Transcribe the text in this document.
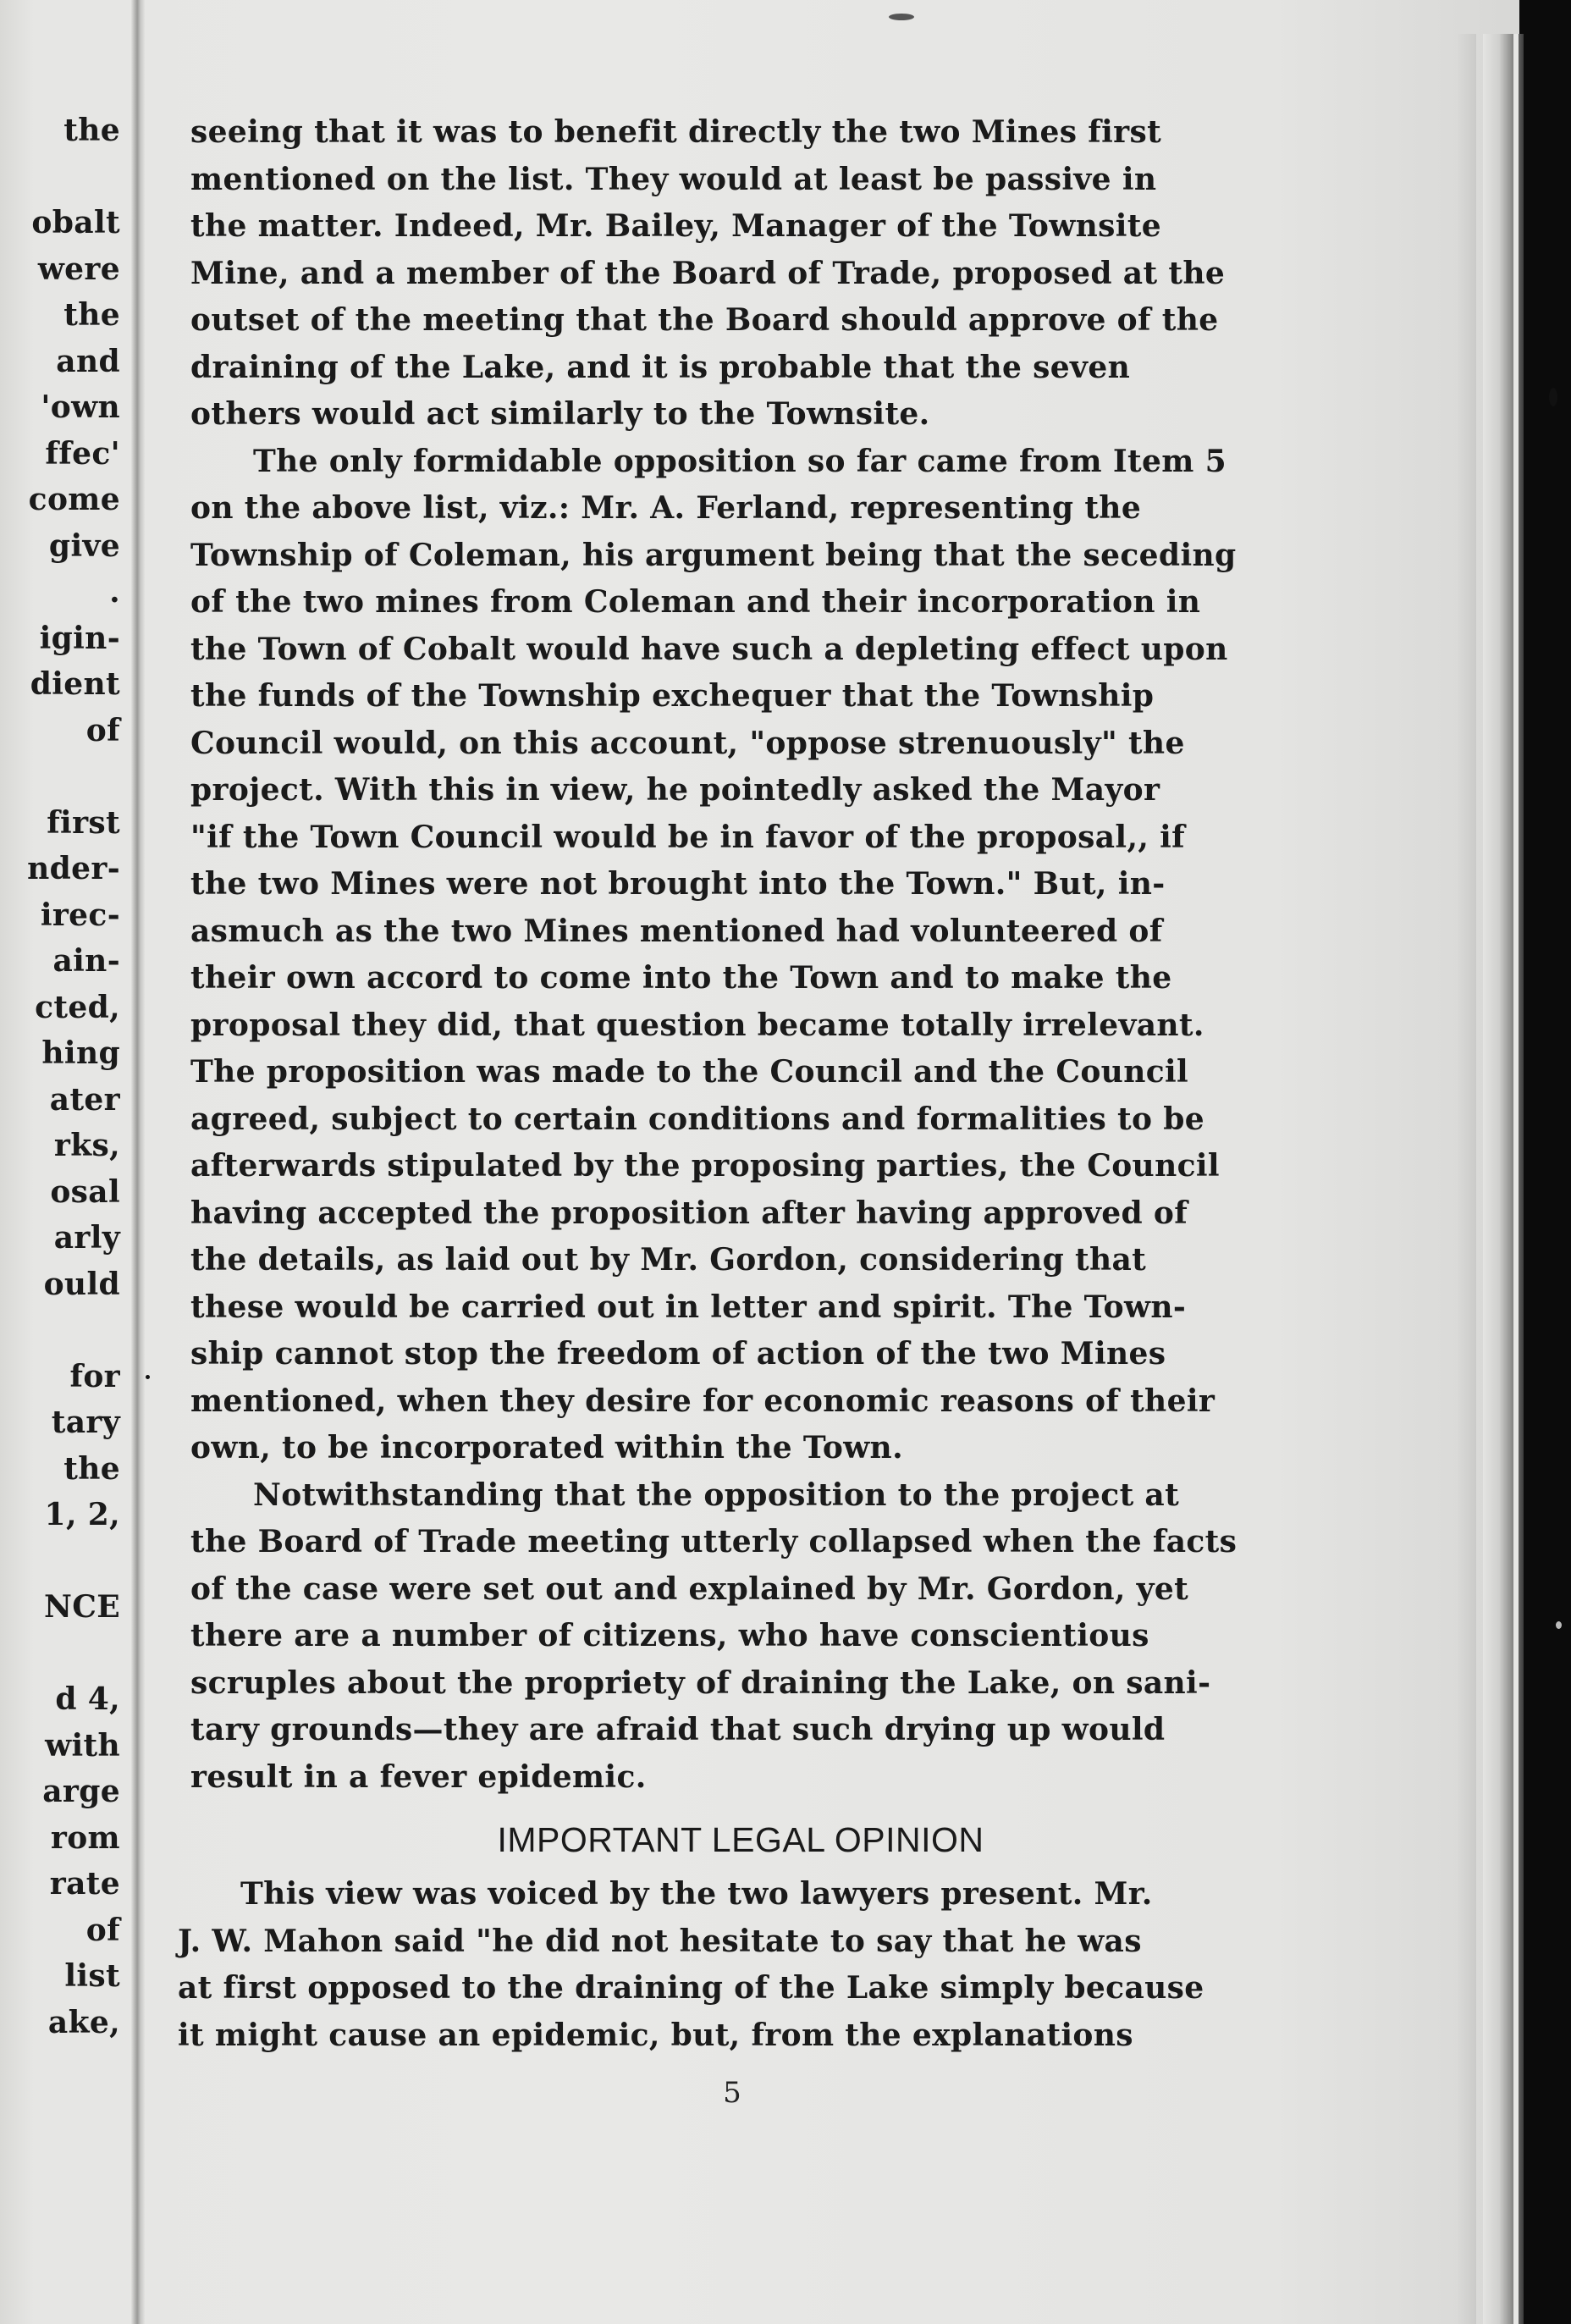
the
obalt
were
the
and
'own
ffec'
come
give
.
igin-
dient
of
first
nder-
irec-
ain-
cted,
hing
ater
rks,
osal
arly
ould
for
tary
the
1, 2,
NCE
d 4,
with
arge
rom
rate
of
list
ake,
seeing that it was to benefit directly the two Mines first
mentioned on the list. They would at least be passive in
the matter. Indeed, Mr. Bailey, Manager of the Townsite
Mine, and a member of the Board of Trade, proposed at the
outset of the meeting that the Board should approve of the
draining of the Lake, and it is probable that the seven
others would act similarly to the Townsite.
The only formidable opposition so far came from Item 5
on the above list, viz.: Mr. A. Ferland, representing the
Township of Coleman, his argument being that the seceding
of the two mines from Coleman and their incorporation in
the Town of Cobalt would have such a depleting effect upon
the funds of the Township exchequer that the Township
Council would, on this account, "oppose strenuously" the
project. With this in view, he pointedly asked the Mayor
"if the Town Council would be in favor of the proposal,, if
the two Mines were not brought into the Town." But, in-
asmuch as the two Mines mentioned had volunteered of
their own accord to come into the Town and to make the
proposal they did, that question became totally irrelevant.
The proposition was made to the Council and the Council
agreed, subject to certain conditions and formalities to be
afterwards stipulated by the proposing parties, the Council
having accepted the proposition after having approved of
the details, as laid out by Mr. Gordon, considering that
these would be carried out in letter and spirit. The Town-
ship cannot stop the freedom of action of the two Mines
mentioned, when they desire for economic reasons of their
own, to be incorporated within the Town.
Notwithstanding that the opposition to the project at
the Board of Trade meeting utterly collapsed when the facts
of the case were set out and explained by Mr. Gordon, yet
there are a number of citizens, who have conscientious
scruples about the propriety of draining the Lake, on sani-
tary grounds—they are afraid that such drying up would
result in a fever epidemic.
IMPORTANT LEGAL OPINION
This view was voiced by the two lawyers present. Mr.
J. W. Mahon said "he did not hesitate to say that he was
at first opposed to the draining of the Lake simply because
it might cause an epidemic, but, from the explanations

5
